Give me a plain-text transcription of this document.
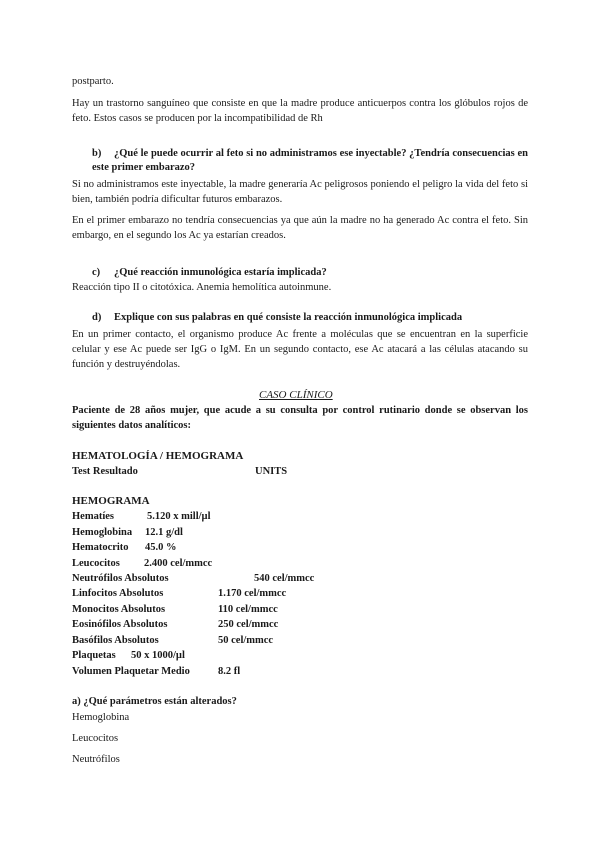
postparto.
Hay un trastorno sanguíneo que consiste en que la madre produce anticuerpos contra los glóbulos rojos de feto. Estos casos se producen por la incompatibilidad de Rh
b) ¿Qué le puede ocurrir al feto si no administramos ese inyectable? ¿Tendría consecuencias en este primer embarazo?
Si no administramos este inyectable, la madre generaría Ac peligrosos poniendo el peligro la vida del feto si bien, también podría dificultar futuros embarazos.
En el primer embarazo no tendría consecuencias ya que aún la madre no ha generado Ac contra el feto. Sin embargo, en el segundo los Ac ya estarían creados.
c) ¿Qué reacción inmunológica estaría implicada?
Reacción tipo II o citotóxica. Anemia hemolítica autoinmune.
d) Explique con sus palabras en qué consiste la reacción inmunológica implicada
En un primer contacto, el organismo produce Ac frente a moléculas que se encuentran en la superficie celular y ese Ac puede ser IgG o IgM. En un segundo contacto, ese Ac atacará a las células atacando su función y destruyéndolas.
CASO CLÍNICO
Paciente de 28 años mujer, que acude a su consulta por control rutinario donde se observan los siguientes datos analíticos:
HEMATOLOGÍA / HEMOGRAMA
Test Resultado	UNITS
HEMOGRAMA
Hematíes	5.120 x mill/µl
Hemoglobina 12.1 g/dl
Hematocrito 45.0 %
Leucocitos 2.400 cel/mmcc
Neutrófilos Absolutos	540 cel/mmcc
Linfocitos Absolutos	1.170 cel/mmcc
Monocitos Absolutos	110 cel/mmcc
Eosinófilos Absolutos	250 cel/mmcc
Basófilos Absolutos	50 cel/mmcc
Plaquetas 50 x 1000/µl
Volumen Plaquetar Medio	8.2 fl
a) ¿Qué parámetros están alterados?
Hemoglobina
Leucocitos
Neutrófilos
